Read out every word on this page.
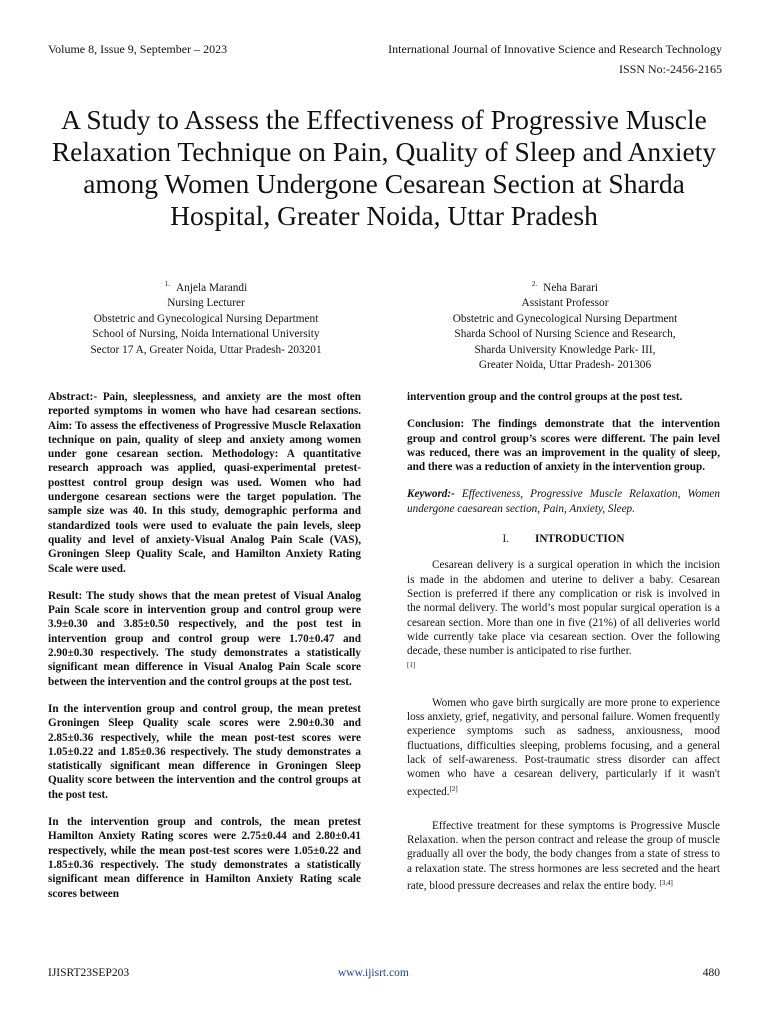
Volume 8, Issue 9, September – 2023	International Journal of Innovative Science and Research Technology
ISSN No:-2456-2165
A Study to Assess the Effectiveness of Progressive Muscle Relaxation Technique on Pain, Quality of Sleep and Anxiety among Women Undergone Cesarean Section at Sharda Hospital, Greater Noida, Uttar Pradesh
$^{1.}$ Anjela Marandi
Nursing Lecturer
Obstetric and Gynecological Nursing Department
School of Nursing, Noida International University
Sector 17 A, Greater Noida, Uttar Pradesh- 203201
$^{2.}$ Neha Barari
Assistant Professor
Obstetric and Gynecological Nursing Department
Sharda School of Nursing Science and Research,
Sharda University Knowledge Park- III,
Greater Noida, Uttar Pradesh- 201306

Abstract:- Pain, sleeplessness, and anxiety are the most often reported symptoms in women who have had cesarean sections. Aim: To assess the effectiveness of Progressive Muscle Relaxation technique on pain, quality of sleep and anxiety among women under gone cesarean section. Methodology: A quantitative research approach was applied, quasi-experimental pretest-posttest control group design was used. Women who had undergone cesarean sections were the target population. The sample size was 40. In this study, demographic performa and standardized tools were used to evaluate the pain levels, sleep quality and level of anxiety-Visual Analog Pain Scale (VAS), Groningen Sleep Quality Scale, and Hamilton Anxiety Rating Scale were used.

Result: The study shows that the mean pretest of Visual Analog Pain Scale score in intervention group and control group were 3.9±0.30 and 3.85±0.50 respectively, and the post test in intervention group and control group were 1.70±0.47 and 2.90±0.30 respectively. The study demonstrates a statistically significant mean difference in Visual Analog Pain Scale score between the intervention and the control groups at the post test.

In the intervention group and control group, the mean pretest Groningen Sleep Quality scale scores were 2.90±0.30 and 2.85±0.36 respectively, while the mean post-test scores were 1.05±0.22 and 1.85±0.36 respectively. The study demonstrates a statistically significant mean difference in Groningen Sleep Quality score between the intervention and the control groups at the post test.

In the intervention group and controls, the mean pretest Hamilton Anxiety Rating scores were 2.75±0.44 and 2.80±0.41 respectively, while the mean post-test scores were 1.05±0.22 and 1.85±0.36 respectively. The study demonstrates a statistically significant mean difference in Hamilton Anxiety Rating scale scores between

intervention group and the control groups at the post test.

Conclusion: The findings demonstrate that the intervention group and control group’s scores were different. The pain level was reduced, there was an improvement in the quality of sleep, and there was a reduction of anxiety in the intervention group.

Keyword:- Effectiveness, Progressive Muscle Relaxation, Women undergone caesarean section, Pain, Anxiety, Sleep.

I. INTRODUCTION

Cesarean delivery is a surgical operation in which the incision is made in the abdomen and uterine to deliver a baby. Cesarean Section is preferred if there any complication or risk is involved in the normal delivery. The world’s most popular surgical operation is a cesarean section. More than one in five (21%) of all deliveries world wide currently take place via cesarean section. Over the following decade, these number is anticipated to rise further.
[1]

Women who gave birth surgically are more prone to experience loss anxiety, grief, negativity, and personal failure. Women frequently experience symptoms such as sadness, anxiousness, mood fluctuations, difficulties sleeping, problems focusing, and a general lack of self-awareness. Post-traumatic stress disorder can affect women who have a cesarean delivery, particularly if it wasn't expected.[2]

Effective treatment for these symptoms is Progressive Muscle Relaxation. when the person contract and release the group of muscle gradually all over the body, the body changes from a state of stress to a relaxation state. The stress hormones are less secreted and the heart rate, blood pressure decreases and relax the entire body. [3,4]

IJISRT23SEP203	www.ijisrt.com	480
